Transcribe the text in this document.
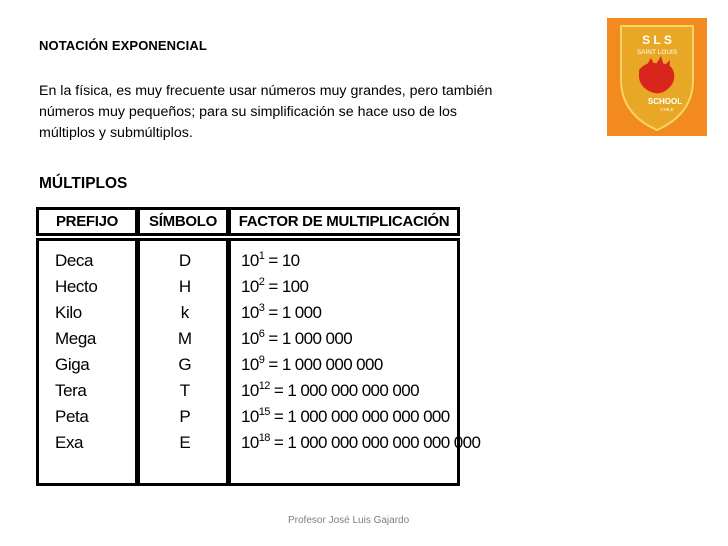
NOTACIÓN EXPONENCIAL
En la física, es muy frecuente usar números muy grandes, pero también
números muy pequeños; para su simplificación se hace uso de los
múltiplos y submúltiplos.
MÚLTIPLOS
S L S
SAINT LOUIS
SCHOOL
CHILE
PREFIJO	SÍMBOLO	FACTOR DE MULTIPLICACIÓN
Deca	D	$10^1 = 10$
Hecto	H	$10^2 = 100$
Kilo	k	$10^3 = 1$ 000
Mega	M	$10^6 = 1$ 000 000
Giga	G	$10^9 = 1$ 000 000 000
Tera	T	$10^{12} = 1$ 000 000 000 000
Peta	P	$10^{15} = 1$ 000 000 000 000 000
Exa	E	$10^{18} = 1$ 000 000 000 000 000 000
Profesor José Luis Gajardo
